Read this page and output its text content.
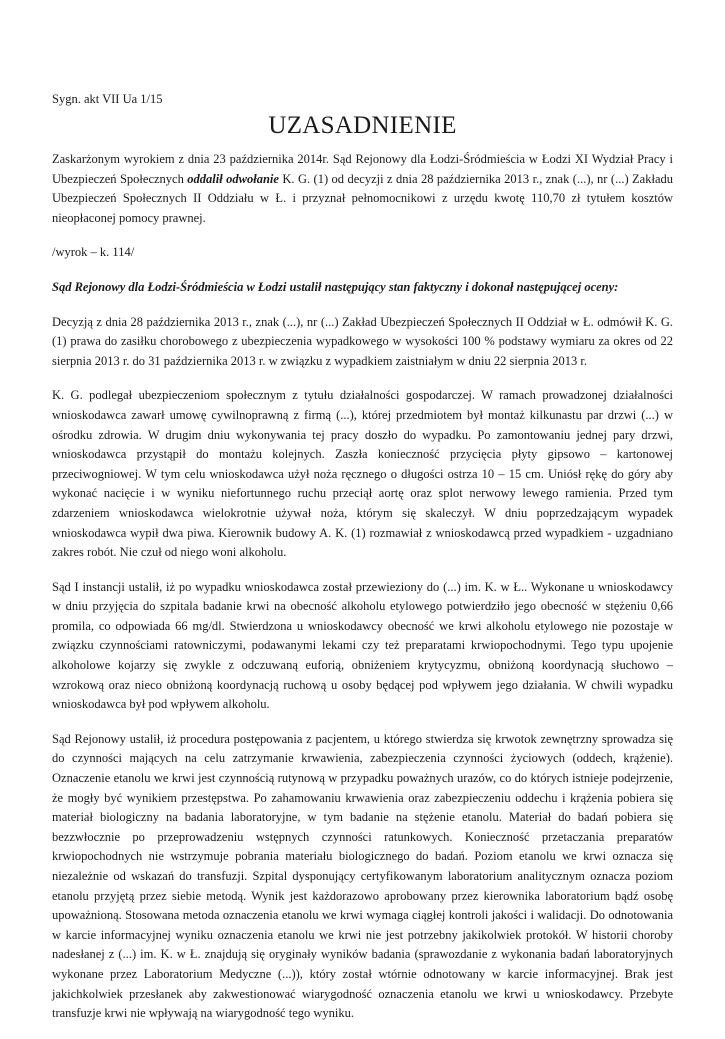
Sygn. akt VII Ua 1/15
UZASADNIENIE

Zaskarżonym wyrokiem z dnia 23 października 2014r. Sąd Rejonowy dla Łodzi-Śródmieścia w Łodzi XI Wydział Pracy i Ubezpieczeń Społecznych oddalił odwołanie K. G. (1) od decyzji z dnia 28 października 2013 r., znak (...), nr (...) Zakładu Ubezpieczeń Społecznych II Oddziału w Ł. i przyznał pełnomocnikowi z urzędu kwotę 110,70 zł tytułem kosztów nieopłaconej pomocy prawnej.

/wyrok – k. 114/

Sąd Rejonowy dla Łodzi-Śródmieścia w Łodzi ustalił następujący stan faktyczny i dokonał następującej oceny:

Decyzją z dnia 28 października 2013 r., znak (...), nr (...) Zakład Ubezpieczeń Społecznych II Oddział w Ł. odmówił K. G. (1) prawa do zasiłku chorobowego z ubezpieczenia wypadkowego w wysokości 100 % podstawy wymiaru za okres od 22 sierpnia 2013 r. do 31 października 2013 r. w związku z wypadkiem zaistniałym w dniu 22 sierpnia 2013 r.

K. G. podlegał ubezpieczeniom społecznym z tytułu działalności gospodarczej. W ramach prowadzonej działalności wnioskodawca zawarł umowę cywilnoprawną z firmą (...), której przedmiotem był montaż kilkunastu par drzwi (...) w ośrodku zdrowia. W drugim dniu wykonywania tej pracy doszło do wypadku. Po zamontowaniu jednej pary drzwi, wnioskodawca przystąpił do montażu kolejnych. Zaszła konieczność przycięcia płyty gipsowo – kartonowej przeciwogniowej. W tym celu wnioskodawca użył noża ręcznego o długości ostrza 10 – 15 cm. Uniósł rękę do góry aby wykonać nacięcie i w wyniku niefortunnego ruchu przeciął aortę oraz splot nerwowy lewego ramienia. Przed tym zdarzeniem wnioskodawca wielokrotnie używał noża, którym się skaleczył. W dniu poprzedzającym wypadek wnioskodawca wypił dwa piwa. Kierownik budowy A. K. (1) rozmawiał z wnioskodawcą przed wypadkiem - uzgadniano zakres robót. Nie czuł od niego woni alkoholu.

Sąd I instancji ustalił, iż po wypadku wnioskodawca został przewieziony do (...) im. K. w Ł.. Wykonane u wnioskodawcy w dniu przyjęcia do szpitala badanie krwi na obecność alkoholu etylowego potwierdziło jego obecność w stężeniu 0,66 promila, co odpowiada 66 mg/dl. Stwierdzona u wnioskodawcy obecność we krwi alkoholu etylowego nie pozostaje w związku czynnościami ratowniczymi, podawanymi lekami czy też preparatami krwiopochodnymi. Tego typu upojenie alkoholowe kojarzy się zwykle z odczuwaną euforią, obniżeniem krytycyzmu, obniżoną koordynacją słuchowo – wzrokową oraz nieco obniżoną koordynacją ruchową u osoby będącej pod wpływem jego działania. W chwili wypadku wnioskodawca był pod wpływem alkoholu.

Sąd Rejonowy ustalił, iż procedura postępowania z pacjentem, u którego stwierdza się krwotok zewnętrzny sprowadza się do czynności mających na celu zatrzymanie krwawienia, zabezpieczenia czynności życiowych (oddech, krążenie). Oznaczenie etanolu we krwi jest czynnością rutynową w przypadku poważnych urazów, co do których istnieje podejrzenie, że mogły być wynikiem przestępstwa. Po zahamowaniu krwawienia oraz zabezpieczeniu oddechu i krążenia pobiera się materiał biologiczny na badania laboratoryjne, w tym badanie na stężenie etanolu. Materiał do badań pobiera się bezzwłocznie po przeprowadzeniu wstępnych czynności ratunkowych. Konieczność przetaczania preparatów krwiopochodnych nie wstrzymuje pobrania materiału biologicznego do badań. Poziom etanolu we krwi oznacza się niezależnie od wskazań do transfuzji. Szpital dysponujący certyfikowanym laboratorium analitycznym oznacza poziom etanolu przyjętą przez siebie metodą. Wynik jest każdorazowo aprobowany przez kierownika laboratorium bądź osobę upoważnioną. Stosowana metoda oznaczenia etanolu we krwi wymaga ciągłej kontroli jakości i walidacji. Do odnotowania w karcie informacyjnej wyniku oznaczenia etanolu we krwi nie jest potrzebny jakikolwiek protokół. W historii choroby nadesłanej z (...) im. K. w Ł. znajdują się oryginały wyników badania (sprawozdanie z wykonania badań laboratoryjnych wykonane przez Laboratorium Medyczne (...)), który został wtórnie odnotowany w karcie informacyjnej. Brak jest jakichkolwiek przesłanek aby zakwestionować wiarygodność oznaczenia etanolu we krwi u wnioskodawcy. Przebyte transfuzje krwi nie wpływają na wiarygodność tego wyniku.
